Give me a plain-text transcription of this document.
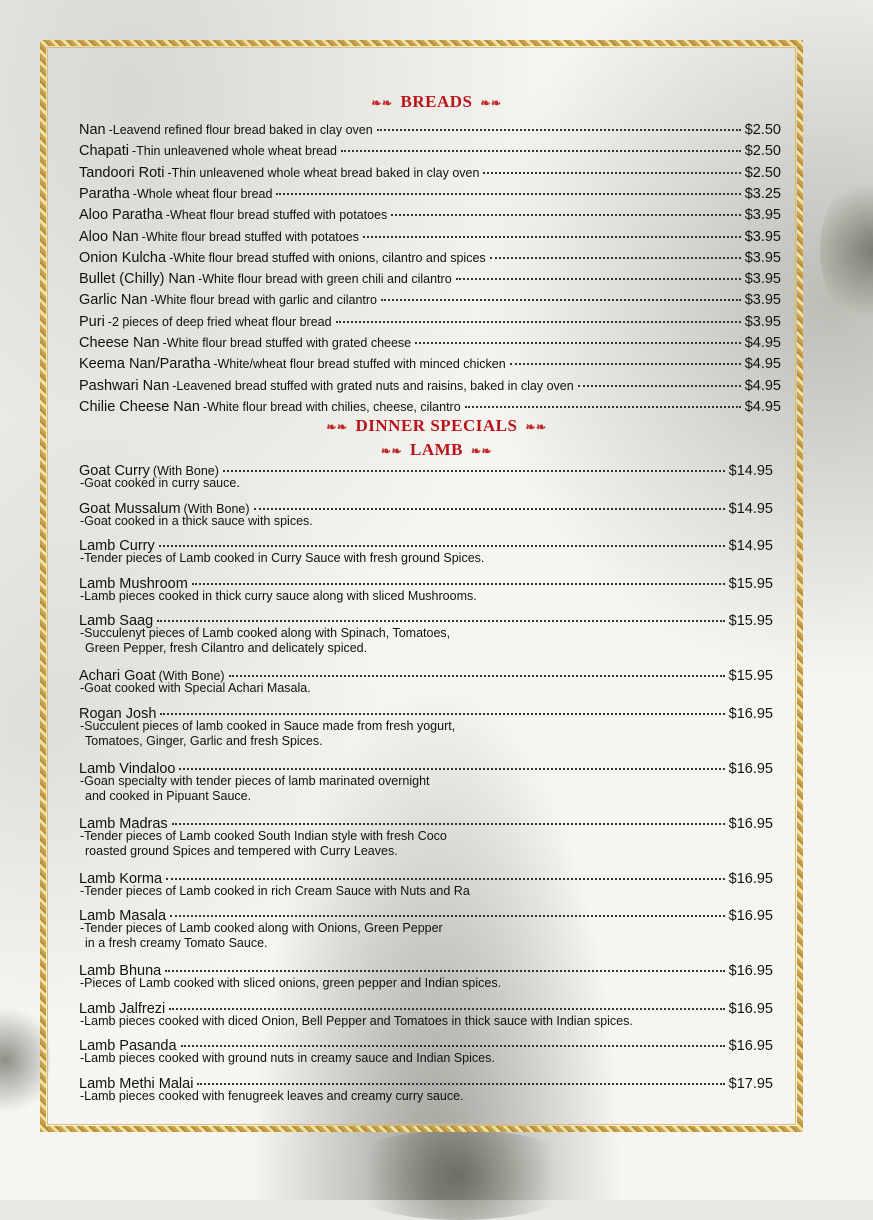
❧❧ BREADS ❧❧
Nan -Leavend refined flour bread baked in clay oven	$2.50
Chapati -Thin unleavened whole wheat bread	$2.50
Tandoori Roti -Thin unleavened whole wheat bread baked in clay oven	$2.50
Paratha -Whole wheat flour bread	$3.25
Aloo Paratha -Wheat flour bread stuffed with potatoes	$3.95
Aloo Nan -White flour bread stuffed with potatoes	$3.95
Onion Kulcha -White flour bread stuffed with onions, cilantro and spices	$3.95
Bullet (Chilly) Nan -White flour bread with green chili and cilantro	$3.95
Garlic Nan -White flour bread with garlic and cilantro	$3.95
Puri -2 pieces of deep fried wheat flour bread	$3.95
Cheese Nan -White flour bread stuffed with grated cheese	$4.95
Keema Nan/Paratha -White/wheat flour bread stuffed with minced chicken	$4.95
Pashwari Nan -Leavened bread stuffed with grated nuts and raisins, baked in clay oven	$4.95
Chilie Cheese Nan -White flour bread with chilies, cheese, cilantro	$4.95
❧❧ DINNER SPECIALS ❧❧
❧❧ LAMB ❧❧
Goat Curry (With Bone)	$14.95
-Goat cooked in curry sauce.
Goat Mussalum (With Bone)	$14.95
-Goat cooked in a thick sauce with spices.
Lamb Curry	$14.95
-Tender pieces of Lamb cooked in Curry Sauce with fresh ground Spices.
Lamb Mushroom	$15.95
-Lamb pieces cooked in thick curry sauce along with sliced Mushrooms.
Lamb Saag	$15.95
-Succulenyt pieces of Lamb cooked along with Spinach, Tomatoes,
Green Pepper, fresh Cilantro and delicately spiced.
Achari Goat (With Bone)	$15.95
-Goat cooked with Special Achari Masala.
Rogan Josh	$16.95
-Succulent pieces of lamb cooked in Sauce made from fresh yogurt,
Tomatoes, Ginger, Garlic and fresh Spices.
Lamb Vindaloo	$16.95
-Goan specialty with tender pieces of lamb marinated overnight
and cooked in Pipuant Sauce.
Lamb Madras	$16.95
-Tender pieces of Lamb cooked South Indian style with fresh Coco
roasted ground Spices and tempered with Curry Leaves.
Lamb Korma	$16.95
-Tender pieces of Lamb cooked in rich Cream Sauce with Nuts and Ra
Lamb Masala	$16.95
-Tender pieces of Lamb cooked along with Onions, Green Pepper
in a fresh creamy Tomato Sauce.
Lamb Bhuna	$16.95
-Pieces of Lamb cooked with sliced onions, green pepper and Indian spices.
Lamb Jalfrezi	$16.95
-Lamb pieces cooked with diced Onion, Bell Pepper and Tomatoes in thick sauce with Indian spices.
Lamb Pasanda	$16.95
-Lamb pieces cooked with ground nuts in creamy sauce and Indian Spices.
Lamb Methi Malai	$17.95
-Lamb pieces cooked with fenugreek leaves and creamy curry sauce.
